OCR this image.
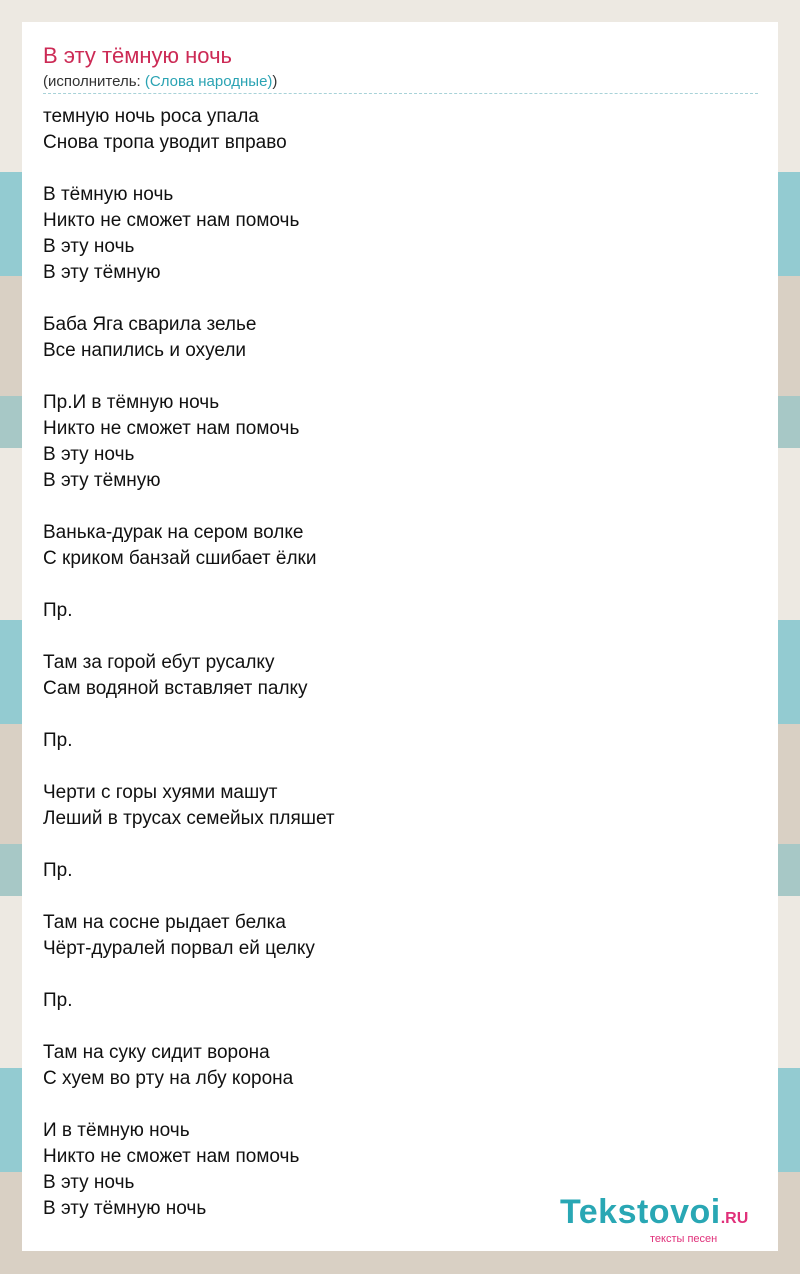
В эту тёмную ночь
(исполнитель: (Слова народные))
темную ночь роса упала
Снова тропа уводит вправо
В тёмную ночь
Никто не сможет нам помочь
В эту ночь
В эту тёмную
Баба Яга сварила зелье
Все напились и охуели
Пр.И в тёмную ночь
Никто не сможет нам помочь
В эту ночь
В эту тёмную
Ванька-дурак на сером волке
С криком банзай сшибает ёлки
Пр.
Там за горой ебут русалку
Сам водяной вставляет палку
Пр.
Черти с горы хуями машут
Леший в трусах семейых пляшет
Пр.
Там на сосне рыдает белка
Чёрт-дуралей порвал ей целку
Пр.
Там на суку сидит ворона
С хуем во рту на лбу корона
И в тёмную ночь
Никто не сможет нам помочь
В эту ночь
В эту тёмную ночь	Tekstovoi.RU
тексты песен
